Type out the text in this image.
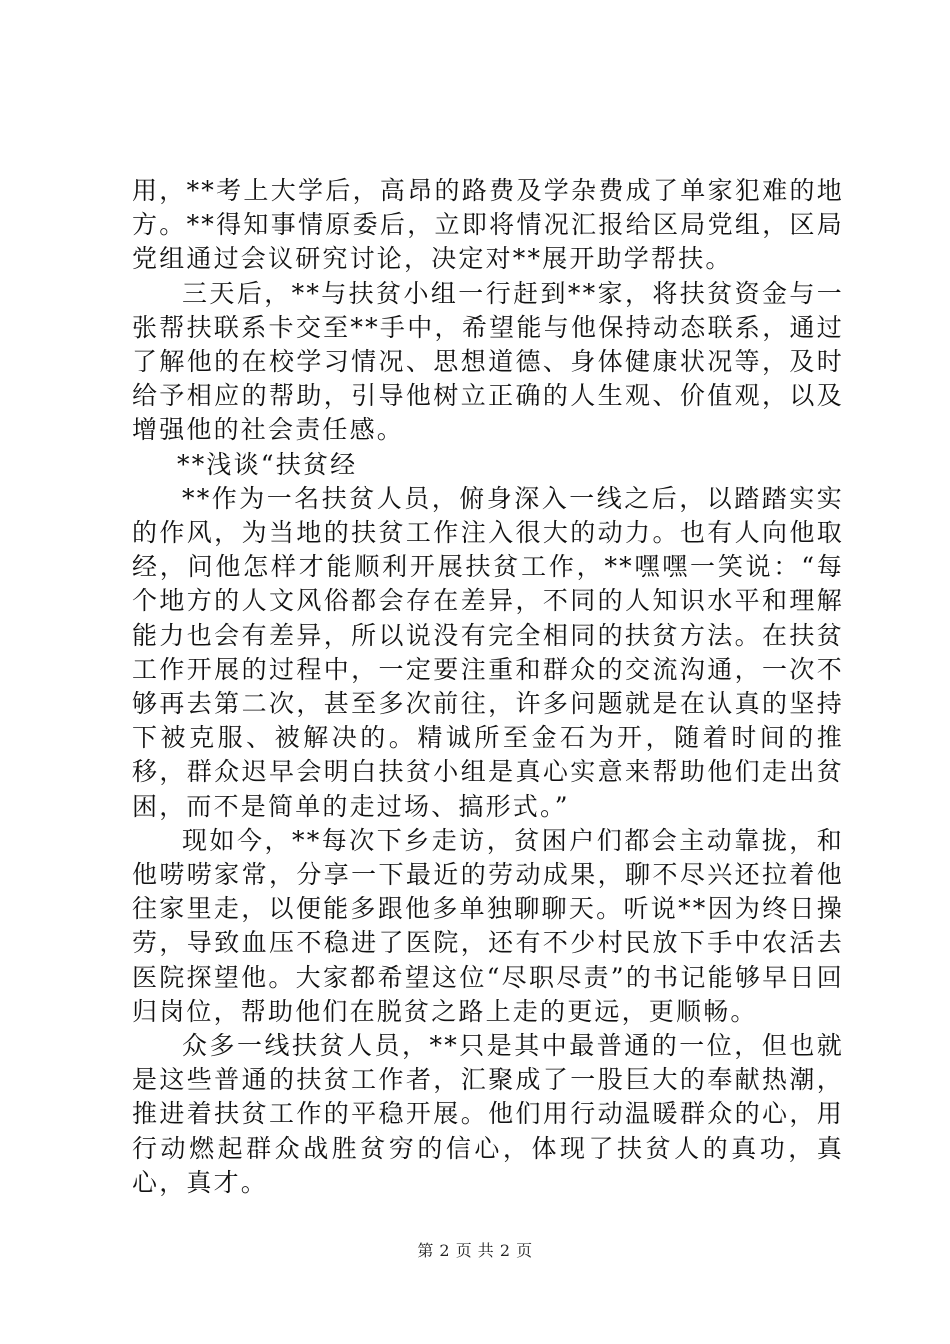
用，**考上大学后，高昂的路费及学杂费成了单家犯难的地方。**得知事情原委后，立即将情况汇报给区局党组，区局党组通过会议研究讨论，决定对**展开助学帮扶。

三天后，**与扶贫小组一行赶到**家，将扶贫资金与一张帮扶联系卡交至**手中，希望能与他保持动态联系，通过了解他的在校学习情况、思想道德、身体健康状况等，及时给予相应的帮助，引导他树立正确的人生观、价值观，以及增强他的社会责任感。

**浅谈“扶贫经

**作为一名扶贫人员，俯身深入一线之后，以踏踏实实的作风，为当地的扶贫工作注入很大的动力。也有人向他取经，问他怎样才能顺利开展扶贫工作，**嘿嘿一笑说：“每个地方的人文风俗都会存在差异，不同的人知识水平和理解能力也会有差异，所以说没有完全相同的扶贫方法。在扶贫工作开展的过程中，一定要注重和群众的交流沟通，一次不够再去第二次，甚至多次前往，许多问题就是在认真的坚持下被克服、被解决的。精诚所至金石为开，随着时间的推移，群众迟早会明白扶贫小组是真心实意来帮助他们走出贫困，而不是简单的走过场、搞形式。”

现如今，**每次下乡走访，贫困户们都会主动靠拢，和他唠唠家常，分享一下最近的劳动成果，聊不尽兴还拉着他往家里走，以便能多跟他多单独聊聊天。听说**因为终日操劳，导致血压不稳进了医院，还有不少村民放下手中农活去医院探望他。大家都希望这位“尽职尽责”的书记能够早日回归岗位，帮助他们在脱贫之路上走的更远，更顺畅。

众多一线扶贫人员，**只是其中最普通的一位，但也就是这些普通的扶贫工作者，汇聚成了一股巨大的奉献热潮，推进着扶贫工作的平稳开展。他们用行动温暖群众的心，用行动燃起群众战胜贫穷的信心，体现了扶贫人的真功，真心，真才。

第 2 页 共 2 页
